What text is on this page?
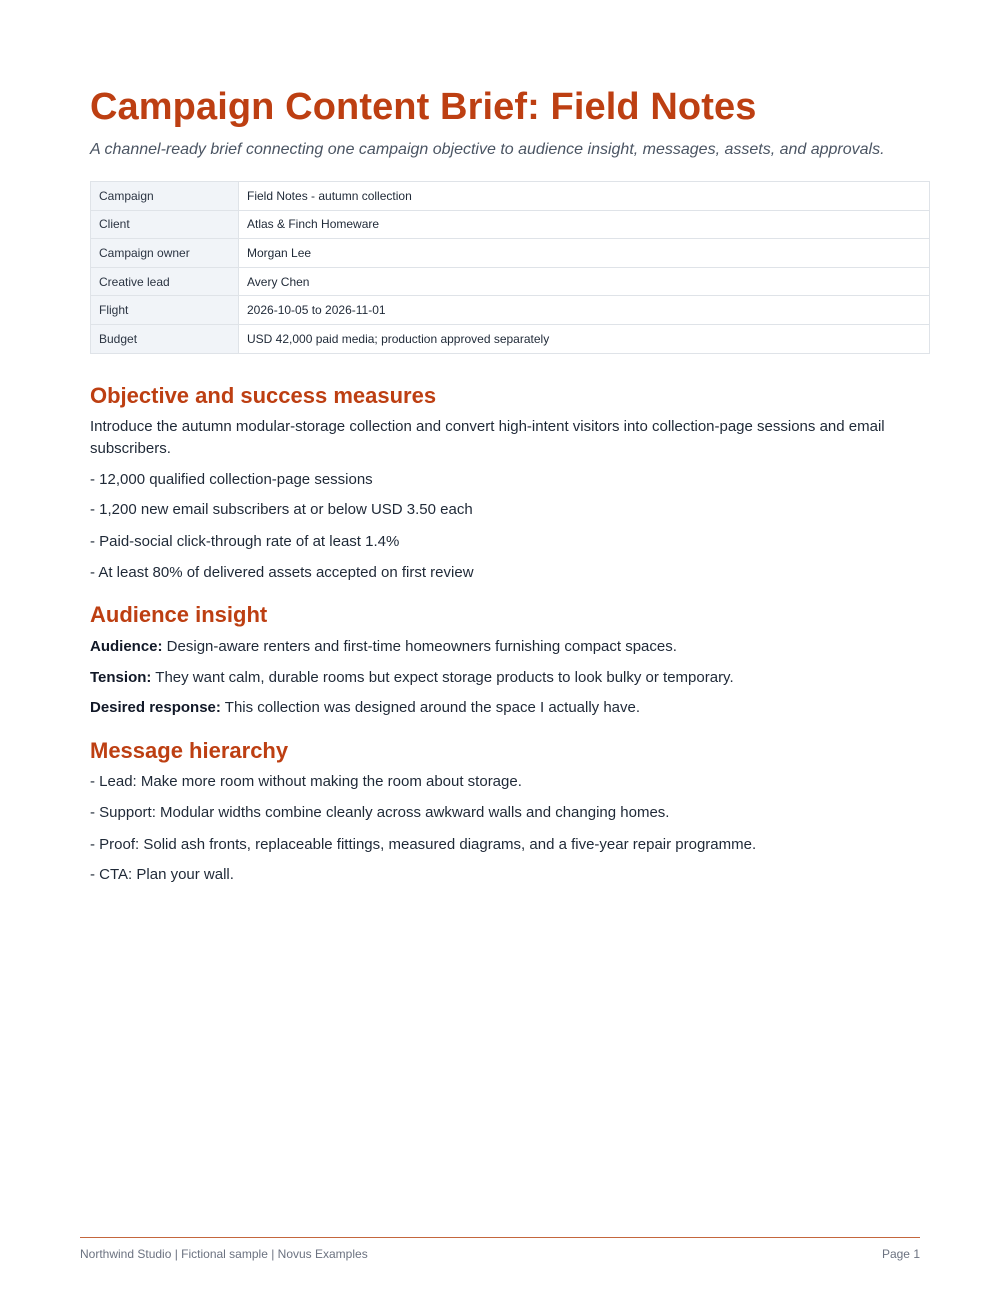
Campaign Content Brief: Field Notes
A channel-ready brief connecting one campaign objective to audience insight, messages, assets, and approvals.
Campaign	Field Notes - autumn collection
Client	Atlas & Finch Homeware
Campaign owner	Morgan Lee
Creative lead	Avery Chen
Flight	2026-10-05 to 2026-11-01
Budget	USD 42,000 paid media; production approved separately
Objective and success measures
Introduce the autumn modular-storage collection and convert high-intent visitors into collection-page sessions and email subscribers.
- 12,000 qualified collection-page sessions
- 1,200 new email subscribers at or below USD 3.50 each
- Paid-social click-through rate of at least 1.4%
- At least 80% of delivered assets accepted on first review
Audience insight
Audience: Design-aware renters and first-time homeowners furnishing compact spaces.
Tension: They want calm, durable rooms but expect storage products to look bulky or temporary.
Desired response: This collection was designed around the space I actually have.
Message hierarchy
- Lead: Make more room without making the room about storage.
- Support: Modular widths combine cleanly across awkward walls and changing homes.
- Proof: Solid ash fronts, replaceable fittings, measured diagrams, and a five-year repair programme.
- CTA: Plan your wall.
Northwind Studio | Fictional sample | Novus Examples	Page 1
